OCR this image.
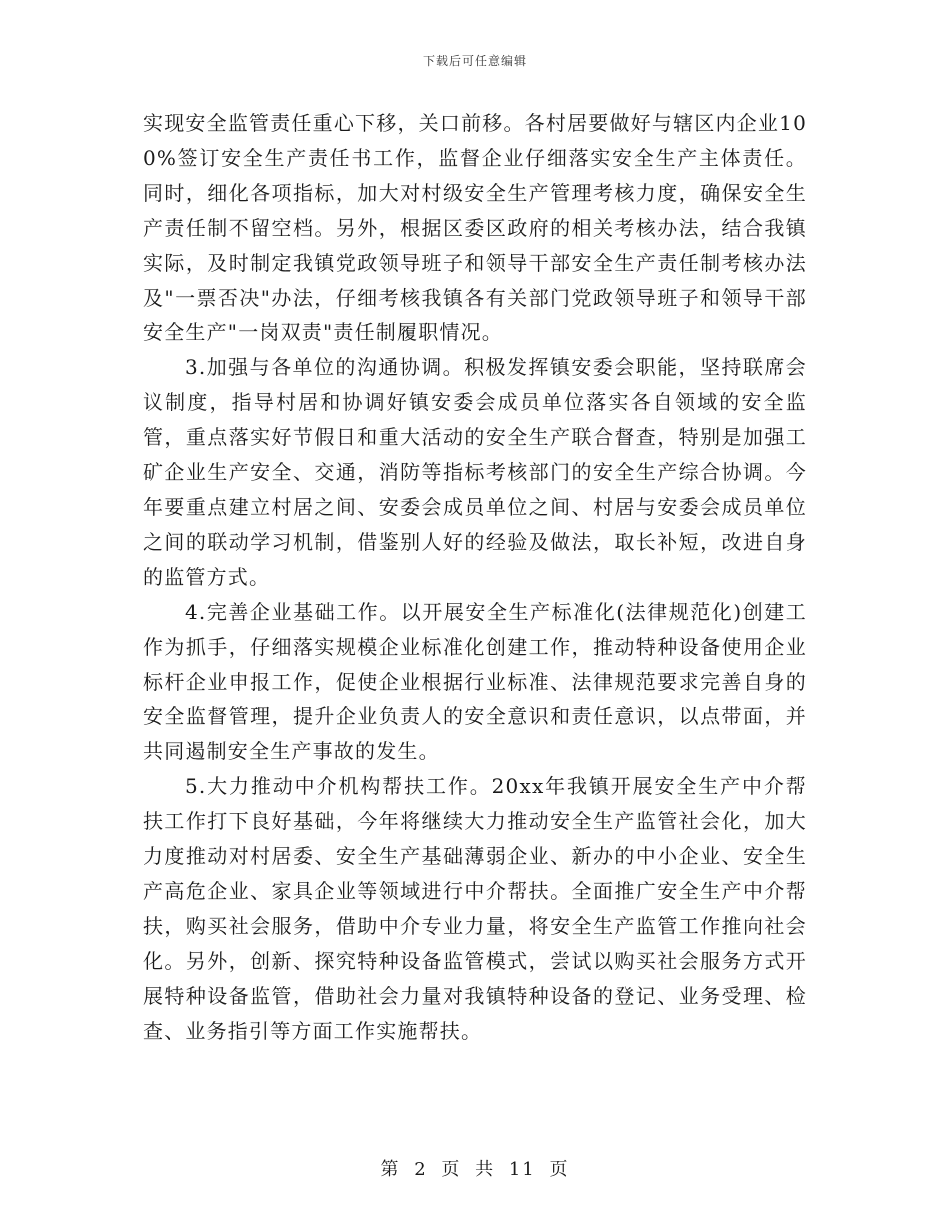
下载后可任意编辑

实现安全监管责任重心下移，关口前移。各村居要做好与辖区内企业100%签订安全生产责任书工作，监督企业仔细落实安全生产主体责任。同时，细化各项指标，加大对村级安全生产管理考核力度，确保安全生产责任制不留空档。另外，根据区委区政府的相关考核办法，结合我镇实际，及时制定我镇党政领导班子和领导干部安全生产责任制考核办法及"一票否决"办法，仔细考核我镇各有关部门党政领导班子和领导干部安全生产"一岗双责"责任制履职情况。

3.加强与各单位的沟通协调。积极发挥镇安委会职能，坚持联席会议制度，指导村居和协调好镇安委会成员单位落实各自领域的安全监管，重点落实好节假日和重大活动的安全生产联合督查，特别是加强工矿企业生产安全、交通，消防等指标考核部门的安全生产综合协调。今年要重点建立村居之间、安委会成员单位之间、村居与安委会成员单位之间的联动学习机制，借鉴别人好的经验及做法，取长补短，改进自身的监管方式。

4.完善企业基础工作。以开展安全生产标准化(法律规范化)创建工作为抓手，仔细落实规模企业标准化创建工作，推动特种设备使用企业标杆企业申报工作，促使企业根据行业标准、法律规范要求完善自身的安全监督管理，提升企业负责人的安全意识和责任意识，以点带面，并共同遏制安全生产事故的发生。

5.大力推动中介机构帮扶工作。20xx年我镇开展安全生产中介帮扶工作打下良好基础，今年将继续大力推动安全生产监管社会化，加大力度推动对村居委、安全生产基础薄弱企业、新办的中小企业、安全生产高危企业、家具企业等领域进行中介帮扶。全面推广安全生产中介帮扶，购买社会服务，借助中介专业力量，将安全生产监管工作推向社会化。另外，创新、探究特种设备监管模式，尝试以购买社会服务方式开展特种设备监管，借助社会力量对我镇特种设备的登记、业务受理、检查、业务指引等方面工作实施帮扶。

第 2 页 共 11 页
